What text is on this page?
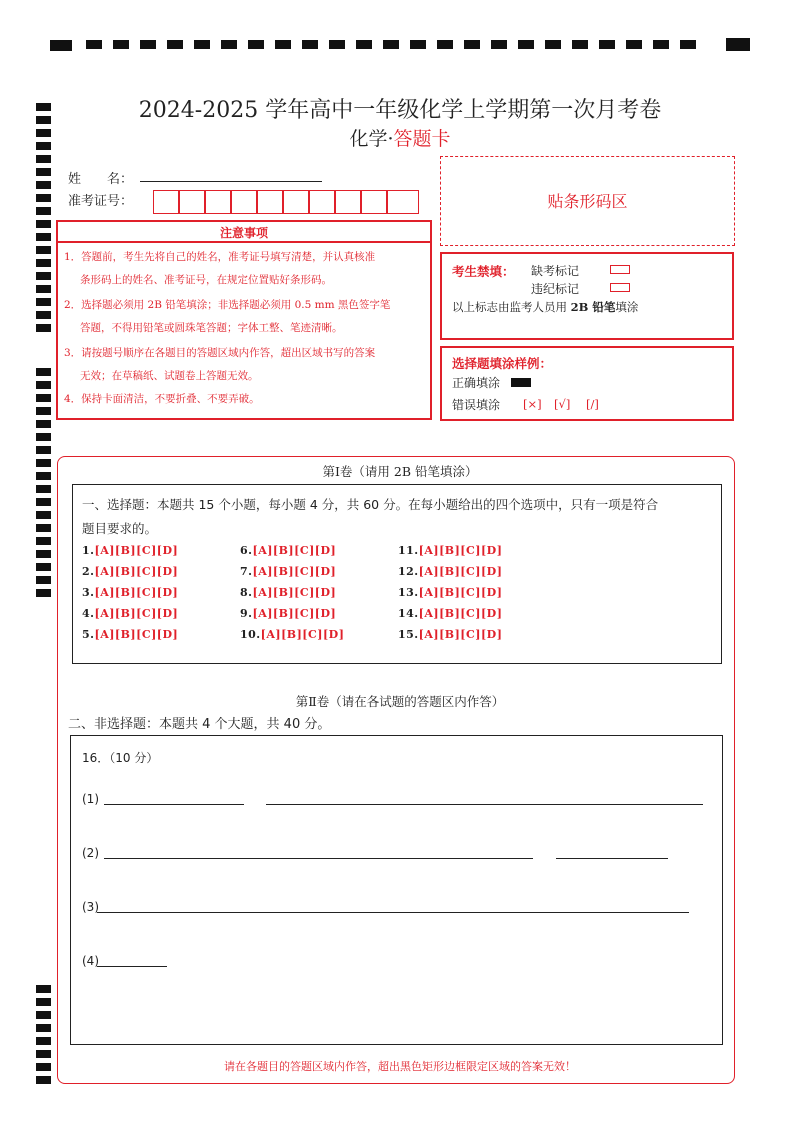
2024-2025 学年高中一年级化学上学期第一次月考卷
化学·答题卡
姓　　名：
准考证号：	贴条形码区
注意事项
1．答题前，考生先将自己的姓名，准考证号填写清楚，并认真核准
条形码上的姓名、准考证号，在规定位置贴好条形码。
2．选择题必须用 2B 铅笔填涂；非选择题必须用 0.5 mm 黑色签字笔
答题，不得用铅笔或圆珠笔答题；字体工整、笔迹清晰。
3．请按题号顺序在各题目的答题区域内作答，超出区域书写的答案
无效；在草稿纸、试题卷上答题无效。
4．保持卡面清洁，不要折叠、不要弄破。
考生禁填： 缺考标记
违纪标记
以上标志由监考人员用 2B 铅笔填涂
选择题填涂样例：
正确填涂
错误填涂 [×] [√] [/]
第Ⅰ卷（请用 2B 铅笔填涂）
一、选择题：本题共 15 个小题，每小题 4 分，共 60 分。在每小题给出的四个选项中，只有一项是符合
题目要求的。
1.[A][B][C][D]
2.[A][B][C][D]
3.[A][B][C][D]
4.[A][B][C][D]
5.[A][B][C][D]
6.[A][B][C][D]
7.[A][B][C][D]
8.[A][B][C][D]
9.[A][B][C][D]
10.[A][B][C][D]
11.[A][B][C][D]
12.[A][B][C][D]
13.[A][B][C][D]
14.[A][B][C][D]
15.[A][B][C][D]
第Ⅱ卷（请在各试题的答题区内作答）
二、非选择题：本题共 4 个大题，共 40 分。
16．（10 分）
(1)
(2)
(3)
(4)
请在各题目的答题区域内作答，超出黑色矩形边框限定区域的答案无效！
